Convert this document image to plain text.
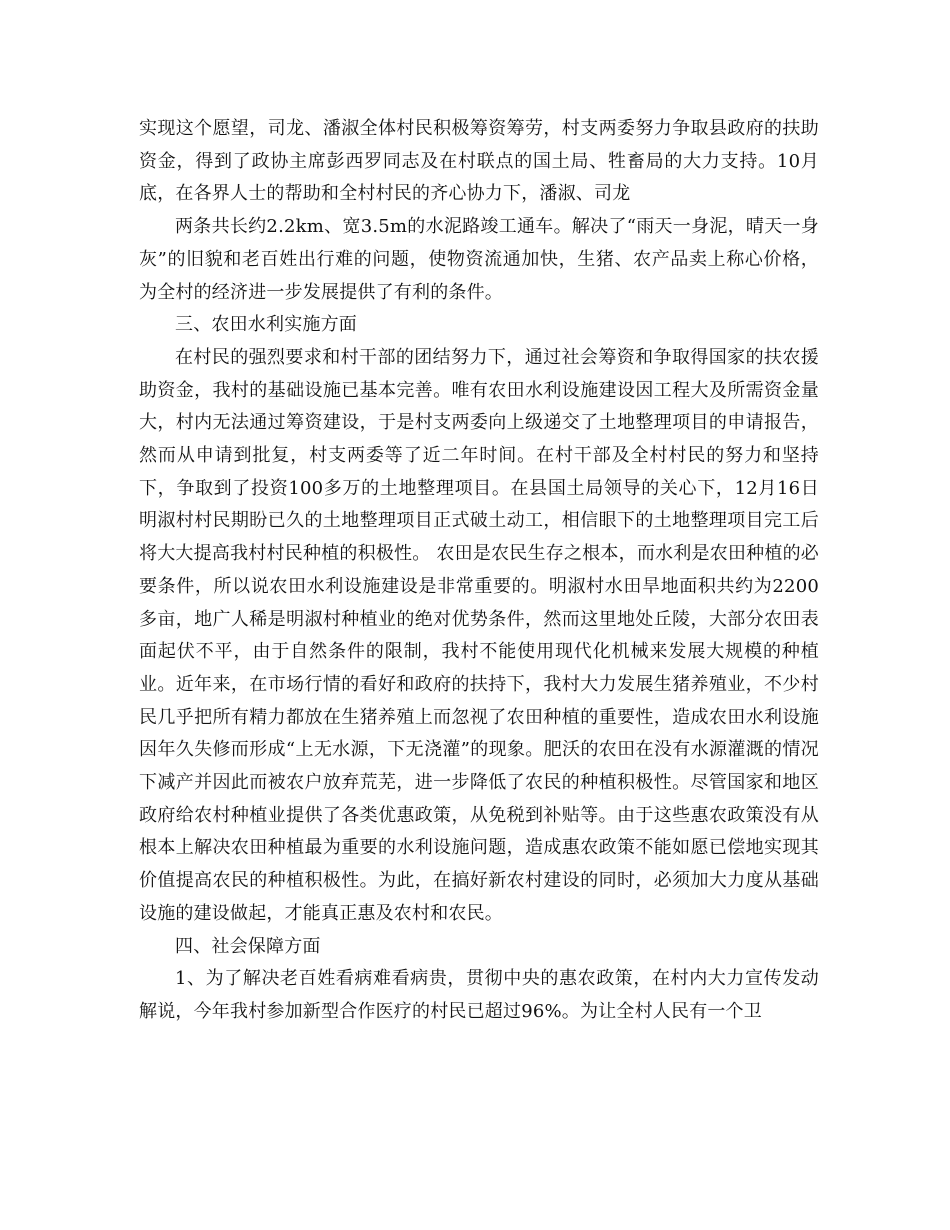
实现这个愿望，司龙、潘淑全体村民积极筹资筹劳，村支两委努力争取县政府的扶助资金，得到了政协主席彭西罗同志及在村联点的国土局、牲畜局的大力支持。10月底，在各界人士的帮助和全村村民的齐心协力下，潘淑、司龙

两条共长约2.2km、宽3.5m的水泥路竣工通车。解决了“雨天一身泥，晴天一身灰”的旧貌和老百姓出行难的问题，使物资流通加快，生猪、农产品卖上称心价格，为全村的经济进一步发展提供了有利的条件。

三、农田水利实施方面

在村民的强烈要求和村干部的团结努力下，通过社会筹资和争取得国家的扶农援助资金，我村的基础设施已基本完善。唯有农田水利设施建设因工程大及所需资金量大，村内无法通过筹资建设，于是村支两委向上级递交了土地整理项目的申请报告，然而从申请到批复，村支两委等了近二年时间。在村干部及全村村民的努力和坚持下，争取到了投资100多万的土地整理项目。在县国土局领导的关心下，12月16日明淑村村民期盼已久的土地整理项目正式破土动工，相信眼下的土地整理项目完工后将大大提高我村村民种植的积极性。 农田是农民生存之根本，而水利是农田种植的必要条件，所以说农田水利设施建设是非常重要的。明淑村水田旱地面积共约为2200多亩，地广人稀是明淑村种植业的绝对优势条件，然而这里地处丘陵，大部分农田表面起伏不平，由于自然条件的限制，我村不能使用现代化机械来发展大规模的种植业。近年来，在市场行情的看好和政府的扶持下，我村大力发展生猪养殖业，不少村民几乎把所有精力都放在生猪养殖上而忽视了农田种植的重要性，造成农田水利设施因年久失修而形成“上无水源，下无浇灌”的现象。肥沃的农田在没有水源灌溉的情况下减产并因此而被农户放弃荒芜，进一步降低了农民的种植积极性。尽管国家和地区政府给农村种植业提供了各类优惠政策，从免税到补贴等。由于这些惠农政策没有从根本上解决农田种植最为重要的水利设施问题，造成惠农政策不能如愿已偿地实现其价值提高农民的种植积极性。为此，在搞好新农村建设的同时，必须加大力度从基础设施的建设做起，才能真正惠及农村和农民。

四、社会保障方面

1、为了解决老百姓看病难看病贵，贯彻中央的惠农政策，在村内大力宣传发动解说，今年我村参加新型合作医疗的村民已超过96%。为让全村人民有一个卫
